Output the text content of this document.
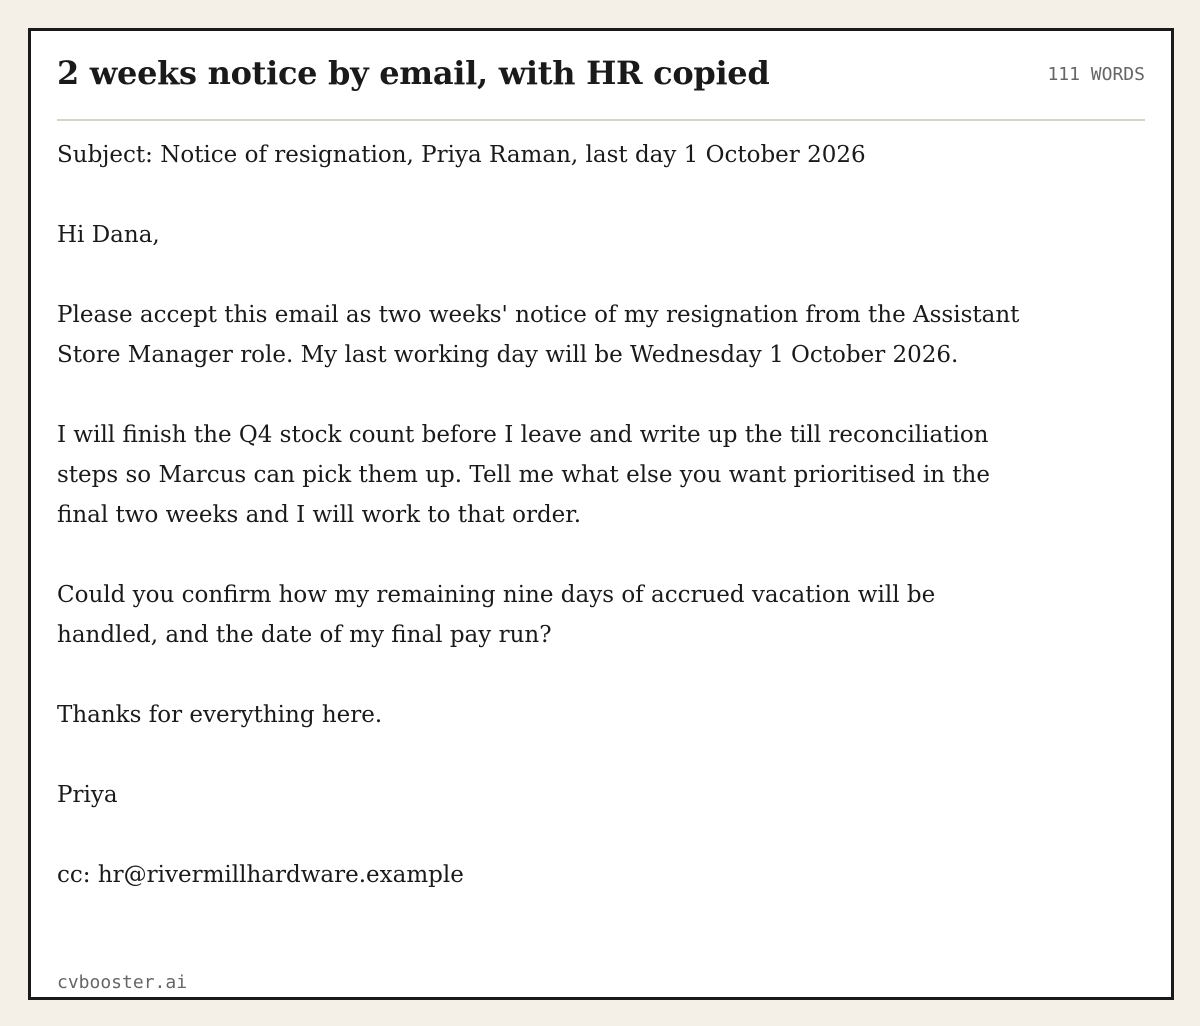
2 weeks notice by email, with HR copied	111 WORDS

Subject: Notice of resignation, Priya Raman, last day 1 October 2026

Hi Dana,

Please accept this email as two weeks' notice of my resignation from the Assistant Store Manager role. My last working day will be Wednesday 1 October 2026.

I will finish the Q4 stock count before I leave and write up the till reconciliation steps so Marcus can pick them up. Tell me what else you want prioritised in the final two weeks and I will work to that order.

Could you confirm how my remaining nine days of accrued vacation will be handled, and the date of my final pay run?

Thanks for everything here.

Priya

cc: hr@rivermillhardware.example

cvbooster.ai
